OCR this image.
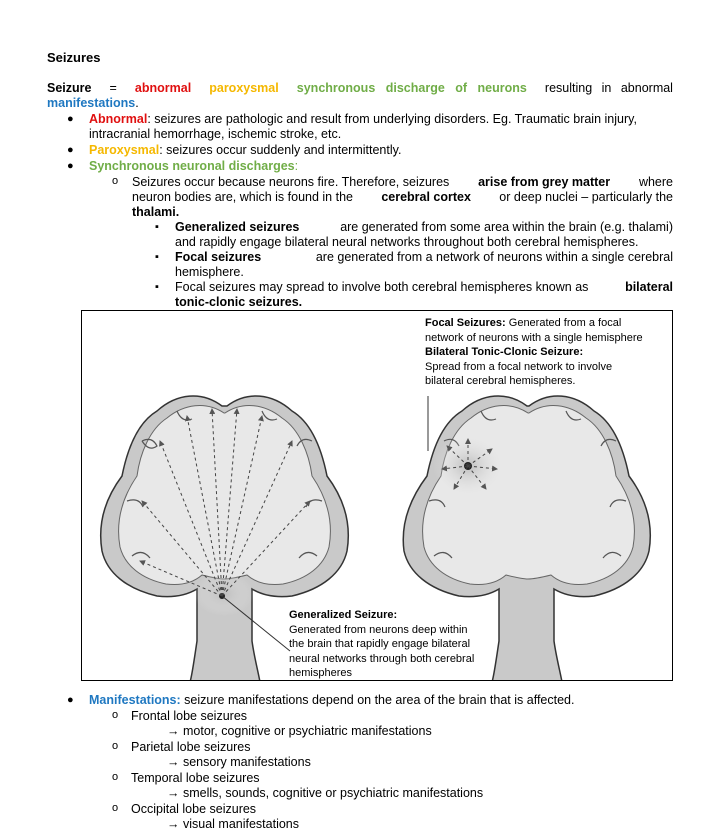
Seizures
Seizure = abnormal paroxysmal synchronous discharge of neurons resulting in abnormal
manifestations.
● Abnormal: seizures are pathologic and result from underlying disorders. Eg. Traumatic brain injury,
intracranial hemorrhage, ischemic stroke, etc.
● Paroxysmal: seizures occur suddenly and intermittently.
● Synchronous neuronal discharges:
o Seizures occur because neurons fire. Therefore, seizures arise from grey matter where
neuron bodies are, which is found in the cerebral cortex or deep nuclei – particularly the
thalami.
▪ Generalized seizures	are generated from some area within the brain (e.g. thalami)
and rapidly engage bilateral neural networks throughout both cerebral hemispheres.
▪ Focal seizures	are generated from a network of neurons within a single cerebral
hemisphere.
▪ Focal seizures may spread to involve both cerebral hemispheres known as	bilateral
tonic-clonic seizures.
Focal Seizures: Generated from a focal
network of neurons with a single hemisphere
Bilateral Tonic-Clonic Seizure:
Spread from a focal network to involve
bilateral cerebral hemispheres.
Generalized Seizure:
Generated from neurons deep within
the brain that rapidly engage bilateral
neural networks through both cerebral
hemispheres
● Manifestations: seizure manifestations depend on the area of the brain that is affected.
o Frontal lobe seizures
→ motor, cognitive or psychiatric manifestations
o Parietal lobe seizures
→ sensory manifestations
o Temporal lobe seizures
→ smells, sounds, cognitive or psychiatric manifestations
o Occipital lobe seizures
→ visual manifestations
